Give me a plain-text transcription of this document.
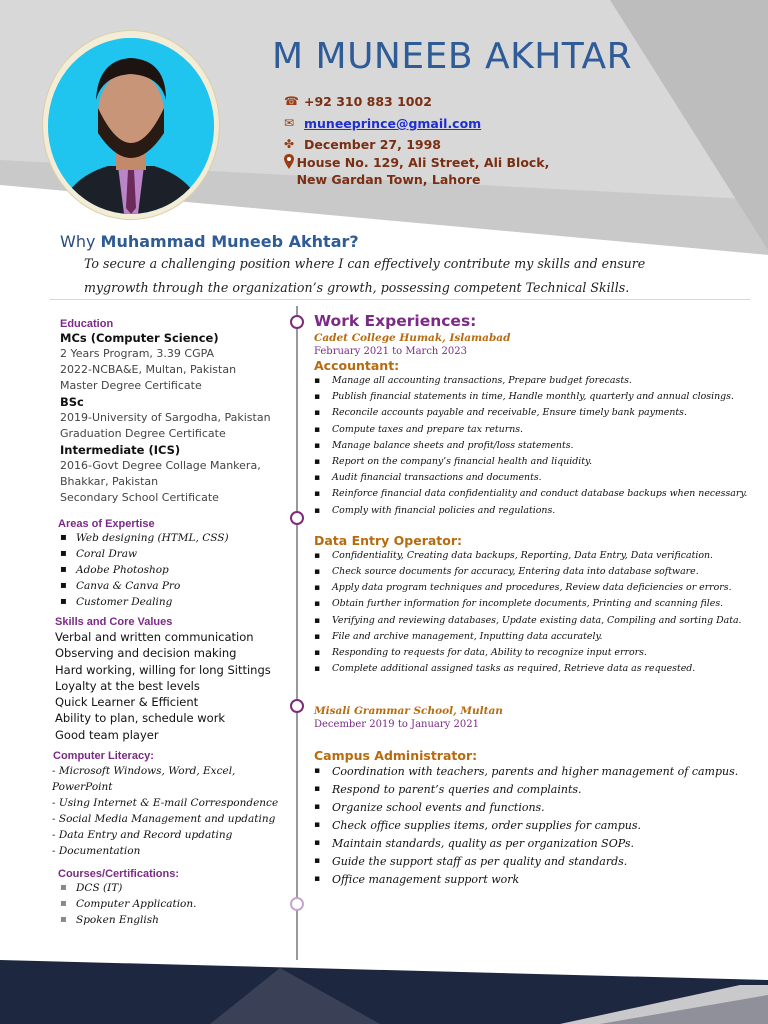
M MUNEEB AKHTAR
☎ +92 310 883 1002
✉ muneeprince@gmail.com
✤ December 27, 1998
House No. 129, Ali Street, Ali Block, New Gardan Town, Lahore
Why Muhammad Muneeb Akhtar?
To secure a challenging position where I can effectively contribute my skills and ensure mygrowth through the organization’s growth, possessing competent Technical Skills.
Education
MCs (Computer Science)
2 Years Program, 3.39 CGPA
2022-NCBA&E, Multan, Pakistan
Master Degree Certificate
BSc
2019-University of Sargodha, Pakistan
Graduation Degree Certificate
Intermediate (ICS)
2016-Govt Degree Collage Mankera,
Bhakkar, Pakistan
Secondary School Certificate
Areas of Expertise
▪ Web designing (HTML, CSS)
▪ Coral Draw
▪ Adobe Photoshop
▪ Canva & Canva Pro
▪ Customer Dealing
Skills and Core Values
Verbal and written communication
Observing and decision making
Hard working, willing for long Sittings
Loyalty at the best levels
Quick Learner & Efficient
Ability to plan, schedule work
Good team player
Computer Literacy:
- Microsoft Windows, Word, Excel, PowerPoint
- Using Internet & E-mail Correspondence
- Social Media Management and updating
- Data Entry and Record updating
- Documentation
Courses/Certifications:
▪ DCS (IT)
▪ Computer Application.
▪ Spoken English
Work Experiences:
Cadet College Humak, Islamabad
February 2021 to March 2023
Accountant:
▪ Manage all accounting transactions, Prepare budget forecasts.
▪ Publish financial statements in time, Handle monthly, quarterly and annual closings.
▪ Reconcile accounts payable and receivable, Ensure timely bank payments.
▪ Compute taxes and prepare tax returns.
▪ Manage balance sheets and profit/loss statements.
▪ Report on the company’s financial health and liquidity.
▪ Audit financial transactions and documents.
▪ Reinforce financial data confidentiality and conduct database backups when necessary.
▪ Comply with financial policies and regulations.
Data Entry Operator:
▪ Confidentiality, Creating data backups, Reporting, Data Entry, Data verification.
▪ Check source documents for accuracy, Entering data into database software.
▪ Apply data program techniques and procedures, Review data deficiencies or errors.
▪ Obtain further information for incomplete documents, Printing and scanning files.
▪ Verifying and reviewing databases, Update existing data, Compiling and sorting Data.
▪ File and archive management, Inputting data accurately.
▪ Responding to requests for data, Ability to recognize input errors.
▪ Complete additional assigned tasks as required, Retrieve data as requested.
Misali Grammar School, Multan
December 2019 to January 2021
Campus Administrator:
▪ Coordination with teachers, parents and higher management of campus.
▪ Respond to parent’s queries and complaints.
▪ Organize school events and functions.
▪ Check office supplies items, order supplies for campus.
▪ Maintain standards, quality as per organization SOPs.
▪ Guide the support staff as per quality and standards.
▪ Office management support work
